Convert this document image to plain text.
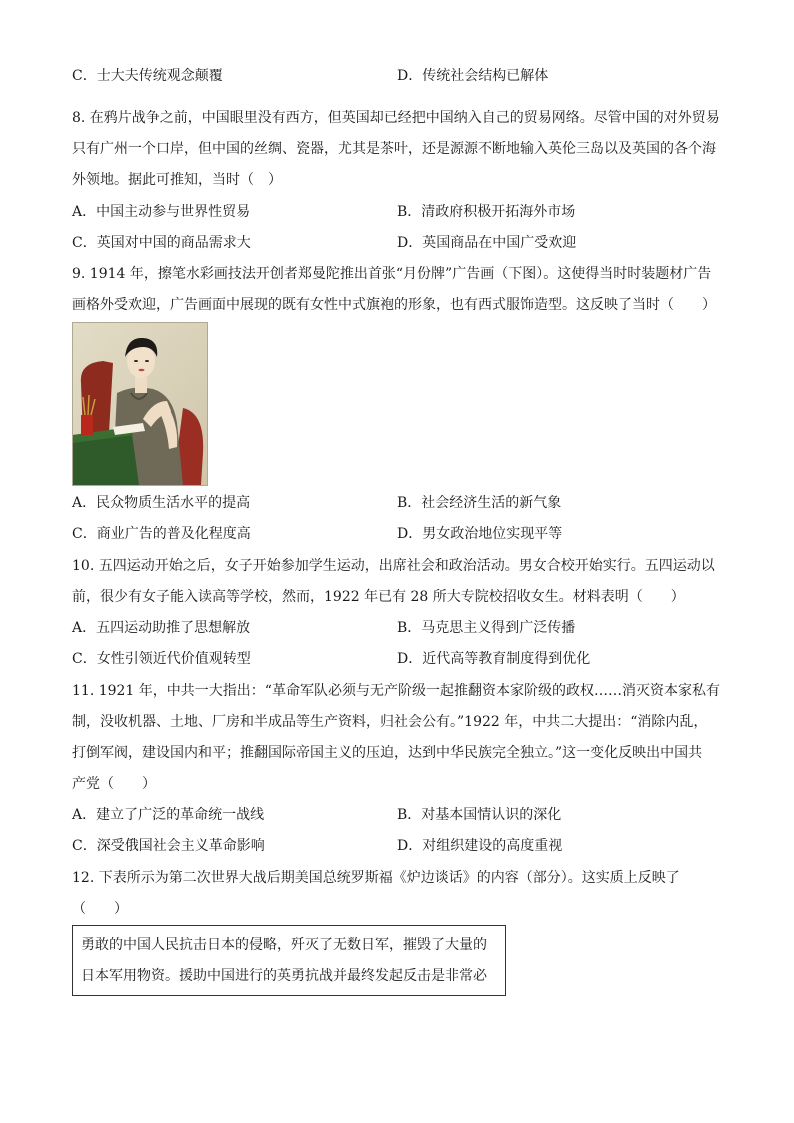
C．士大夫传统观念颠覆	D．传统社会结构已解体
8. 在鸦片战争之前，中国眼里没有西方，但英国却已经把中国纳入自己的贸易网络。尽管中国的对外贸易
只有广州一个口岸，但中国的丝绸、瓷器，尤其是茶叶，还是源源不断地输入英伦三岛以及英国的各个海
外领地。据此可推知，当时（　）
A．中国主动参与世界性贸易	B．清政府积极开拓海外市场
C．英国对中国的商品需求大	D．英国商品在中国广受欢迎
9. 1914 年，擦笔水彩画技法开创者郑曼陀推出首张“月份牌”广告画（下图）。这使得当时时装题材广告
画格外受欢迎，广告画面中展现的既有女性中式旗袍的形象，也有西式服饰造型。这反映了当时（　　）
A．民众物质生活水平的提高	B．社会经济生活的新气象
C．商业广告的普及化程度高	D．男女政治地位实现平等
10. 五四运动开始之后，女子开始参加学生运动，出席社会和政治活动。男女合校开始实行。五四运动以
前，很少有女子能入读高等学校，然而，1922 年已有 28 所大专院校招收女生。材料表明（　　）
A．五四运动助推了思想解放	B．马克思主义得到广泛传播
C．女性引领近代价值观转型	D．近代高等教育制度得到优化
11. 1921 年，中共一大指出：“革命军队必须与无产阶级一起推翻资本家阶级的政权……消灭资本家私有
制，没收机器、土地、厂房和半成品等生产资料，归社会公有。”1922 年，中共二大提出：“消除内乱，
打倒军阀，建设国内和平；推翻国际帝国主义的压迫，达到中华民族完全独立。”这一变化反映出中国共
产党（　　）
A．建立了广泛的革命统一战线	B．对基本国情认识的深化
C．深受俄国社会主义革命影响	D．对组织建设的高度重视
12. 下表所示为第二次世界大战后期美国总统罗斯福《炉边谈话》的内容（部分）。这实质上反映了
（　　）
勇敢的中国人民抗击日本的侵略，歼灭了无数日军，摧毁了大量的
日本军用物资。援助中国进行的英勇抗战并最终发起反击是非常必
